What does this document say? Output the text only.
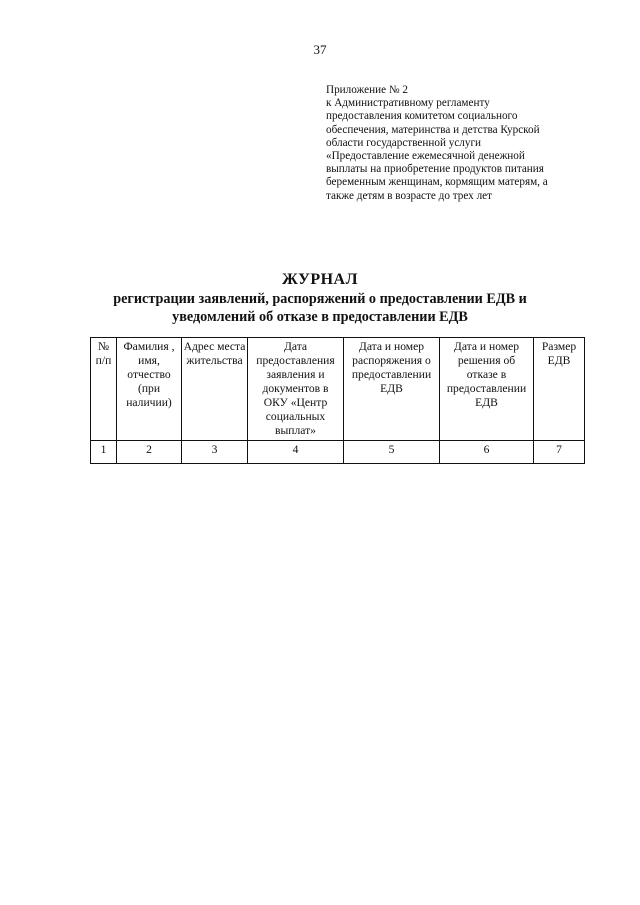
37
Приложение № 2
к Административному регламенту
предоставления комитетом социального
обеспечения, материнства и детства Курской
области государственной услуги
«Предоставление ежемесячной денежной
выплаты на приобретение продуктов питания
беременным женщинам, кормящим матерям, а
также детям в возрасте до трех лет
ЖУРНАЛ
регистрации заявлений, распоряжений о предоставлении ЕДВ и
уведомлений об отказе в предоставлении ЕДВ
№ п/п	Фамилия , имя, отчество (при наличии)	Адрес места жительства	Дата предоставления заявления и документов в ОКУ «Центр социальных выплат»	Дата и номер распоряжения о предоставлении ЕДВ	Дата и номер решения об отказе в предоставлении ЕДВ	Размер ЕДВ
1	2	3	4	5	6	7
